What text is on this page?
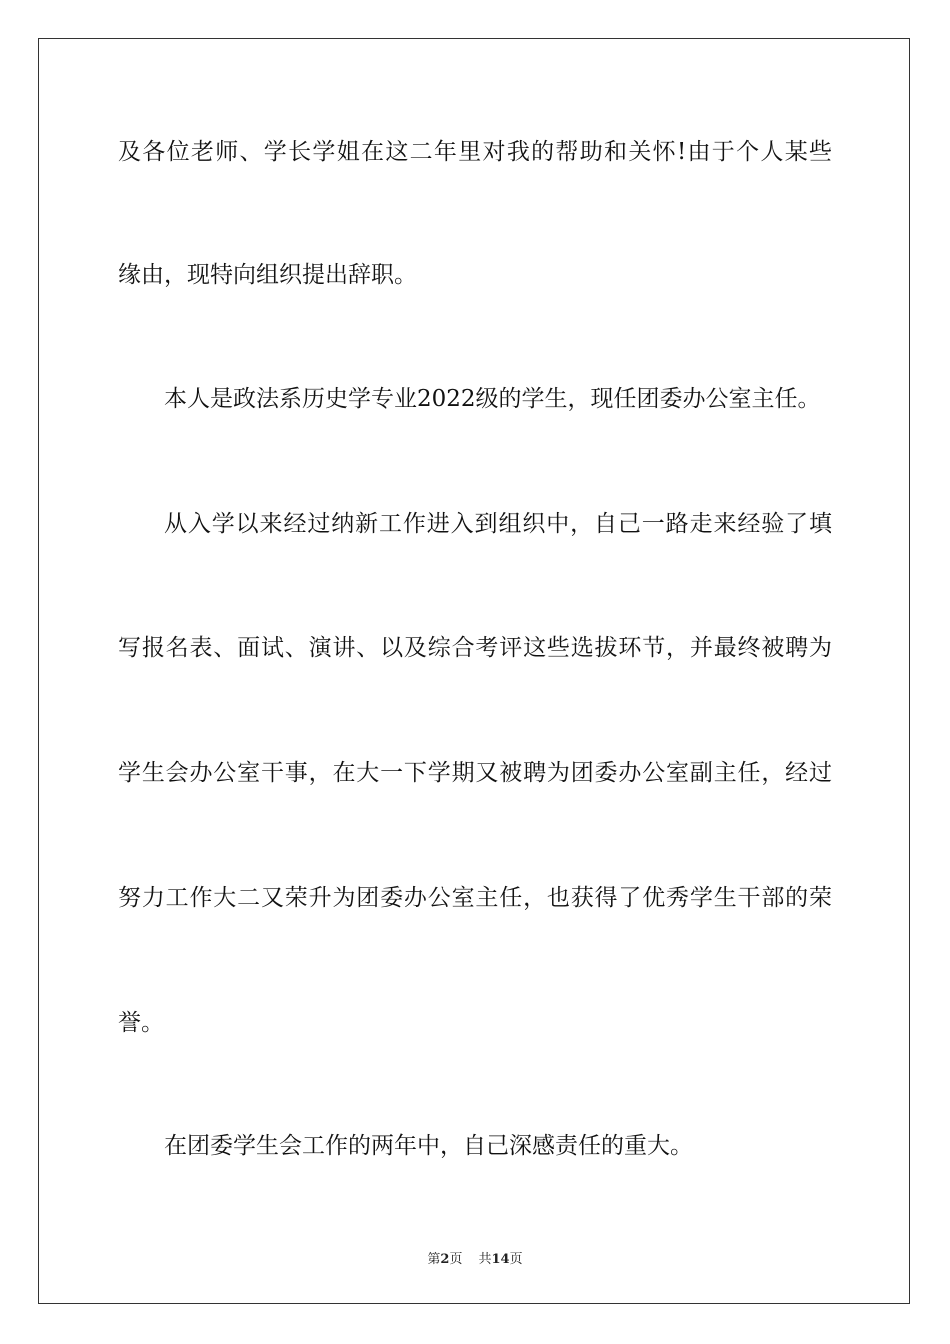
及各位老师、学长学姐在这二年里对我的帮助和关怀!由于个人某些
缘由，现特向组织提出辞职。
本人是政法系历史学专业2022级的学生，现任团委办公室主任。
从入学以来经过纳新工作进入到组织中，自己一路走来经验了填
写报名表、面试、演讲、以及综合考评这些选拔环节，并最终被聘为
学生会办公室干事，在大一下学期又被聘为团委办公室副主任，经过
努力工作大二又荣升为团委办公室主任，也获得了优秀学生干部的荣
誉。
在团委学生会工作的两年中，自己深感责任的重大。
第2页 共14页
